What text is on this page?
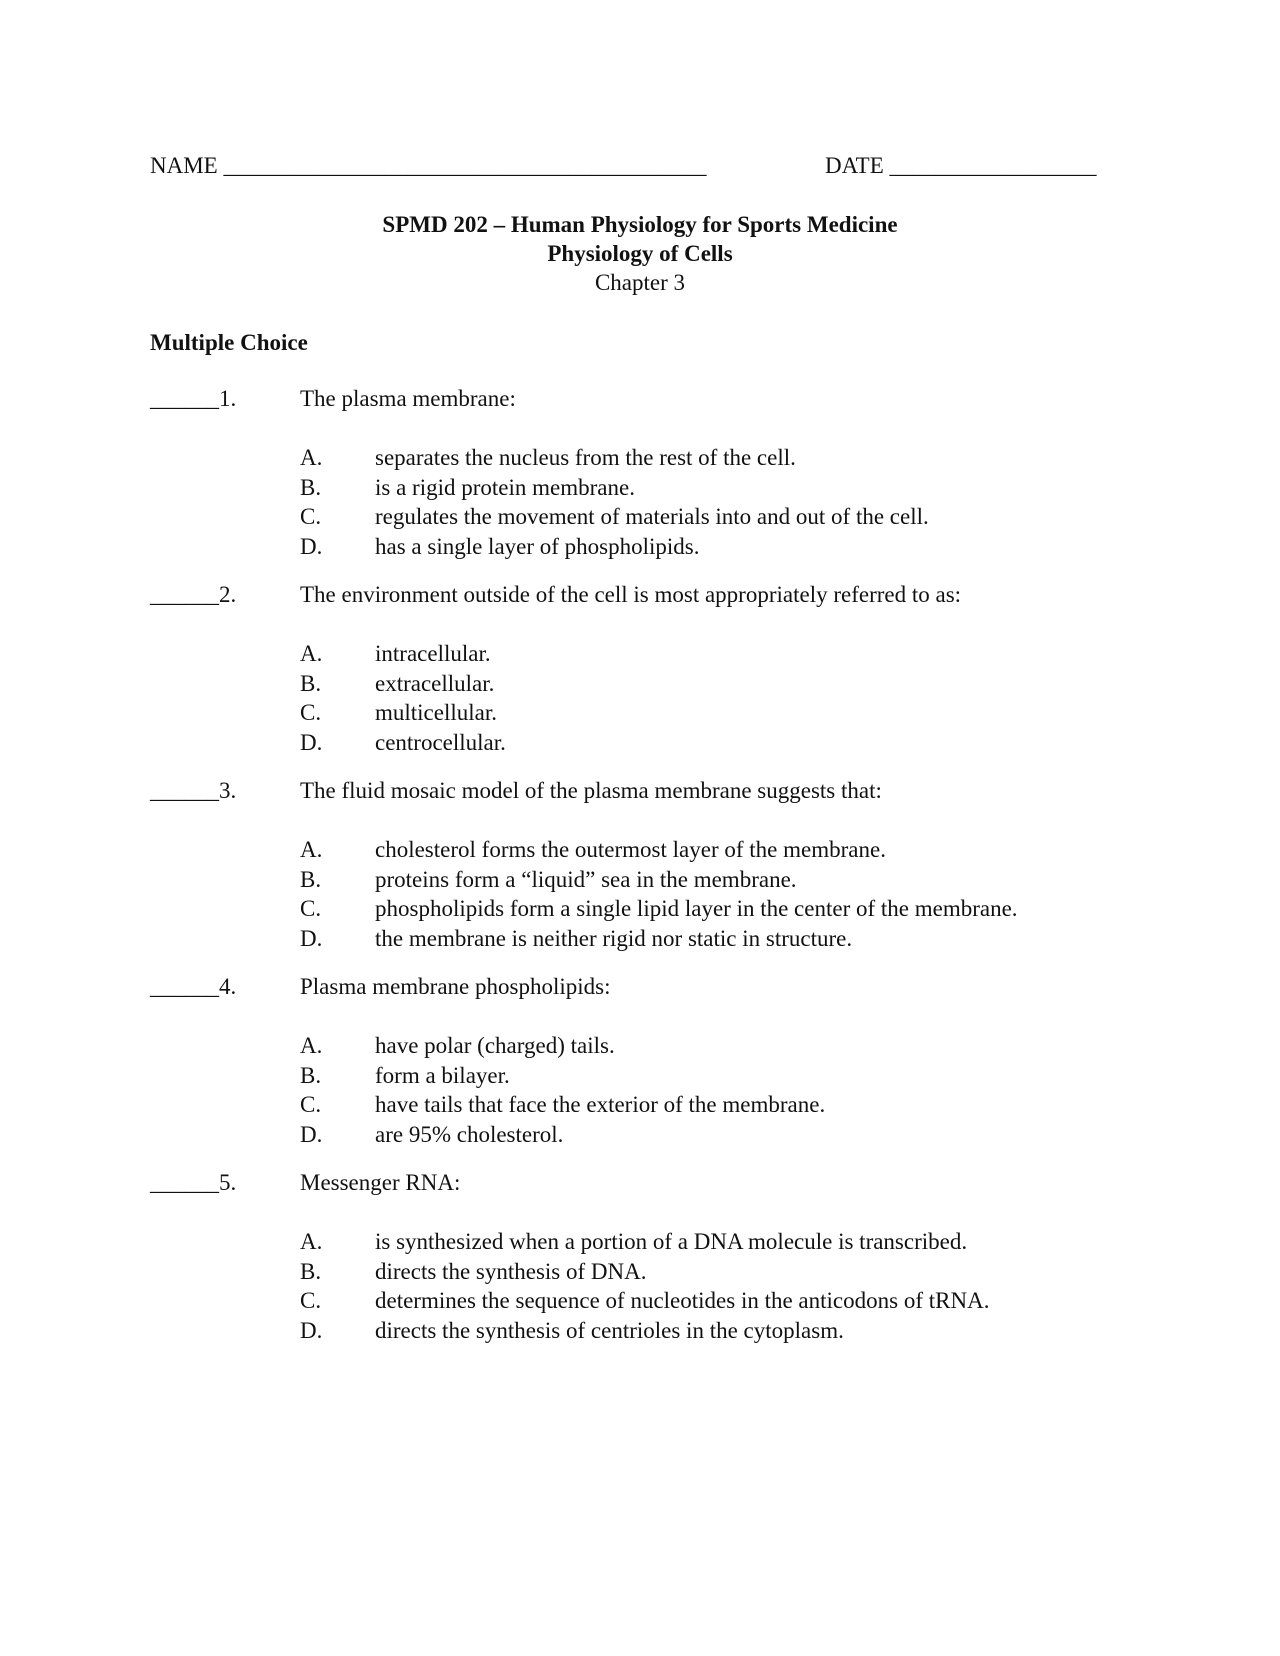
NAME __________________________________________	DATE __________________
SPMD 202 – Human Physiology for Sports Medicine
Physiology of Cells
Chapter 3
Multiple Choice
______1.	The plasma membrane:
A. separates the nucleus from the rest of the cell.
B. is a rigid protein membrane.
C. regulates the movement of materials into and out of the cell.
D. has a single layer of phospholipids.
______2.	The environment outside of the cell is most appropriately referred to as:
A. intracellular.
B. extracellular.
C. multicellular.
D. centrocellular.
______3.	The fluid mosaic model of the plasma membrane suggests that:
A. cholesterol forms the outermost layer of the membrane.
B. proteins form a “liquid” sea in the membrane.
C. phospholipids form a single lipid layer in the center of the membrane.
D. the membrane is neither rigid nor static in structure.
______4.	Plasma membrane phospholipids:
A. have polar (charged) tails.
B. form a bilayer.
C. have tails that face the exterior of the membrane.
D. are 95% cholesterol.
______5.	Messenger RNA:
A. is synthesized when a portion of a DNA molecule is transcribed.
B. directs the synthesis of DNA.
C. determines the sequence of nucleotides in the anticodons of tRNA.
D. directs the synthesis of centrioles in the cytoplasm.
